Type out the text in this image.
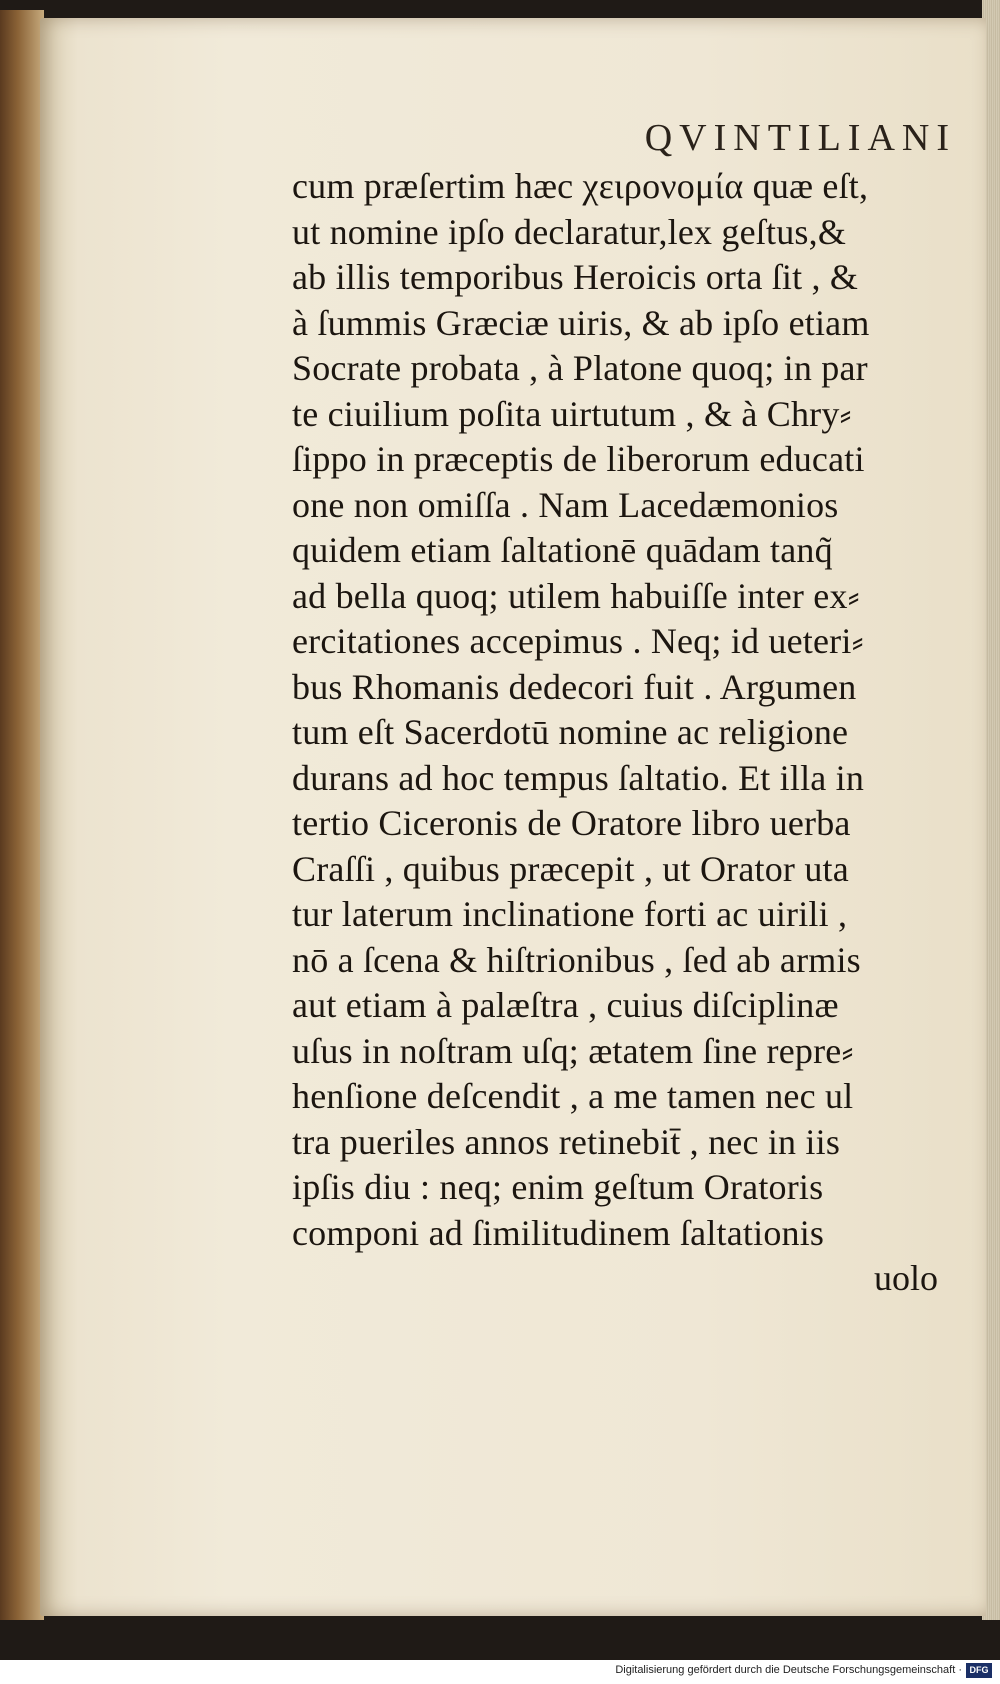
QVINTILIANI
cum præſertim hæc χειρονομία quæ eſt,
ut nomine ipſo declaratur,lex geſtus,&
ab illis temporibus Heroicis orta ſit , &
à ſummis Græciæ uiris, & ab ipſo etiam
Socrate probata , à Platone quoq; in par
te ciuilium poſita uirtutum , & à Chry⸗
ſippo in præceptis de liberorum educati
one non omiſſa . Nam Lacedæmonios
quidem etiam ſaltationē quādam tanq̃
ad bella quoq; utilem habuiſſe inter ex⸗
ercitationes accepimus . Neq; id ueteri⸗
bus Rhomanis dedecori fuit . Argumen
tum eſt Sacerdotū nomine ac religione
durans ad hoc tempus ſaltatio. Et illa in
tertio Ciceronis de Oratore libro uerba
Craſſi , quibus præcepit , ut Orator uta
tur laterum inclinatione forti ac uirili ,
nō a ſcena & hiſtrionibus , ſed ab armis
aut etiam à palæſtra , cuius diſciplinæ
uſus in noſtram uſq; ætatem ſine repre⸗
henſione deſcendit , a me tamen nec ul
tra pueriles annos retinebit̄ , nec in iis
ipſis diu : neq; enim geſtum Oratoris
componi ad ſimilitudinem ſaltationis
uolo
Digitalisierung gefördert durch die Deutsche Forschungsgemeinschaft · DFG
